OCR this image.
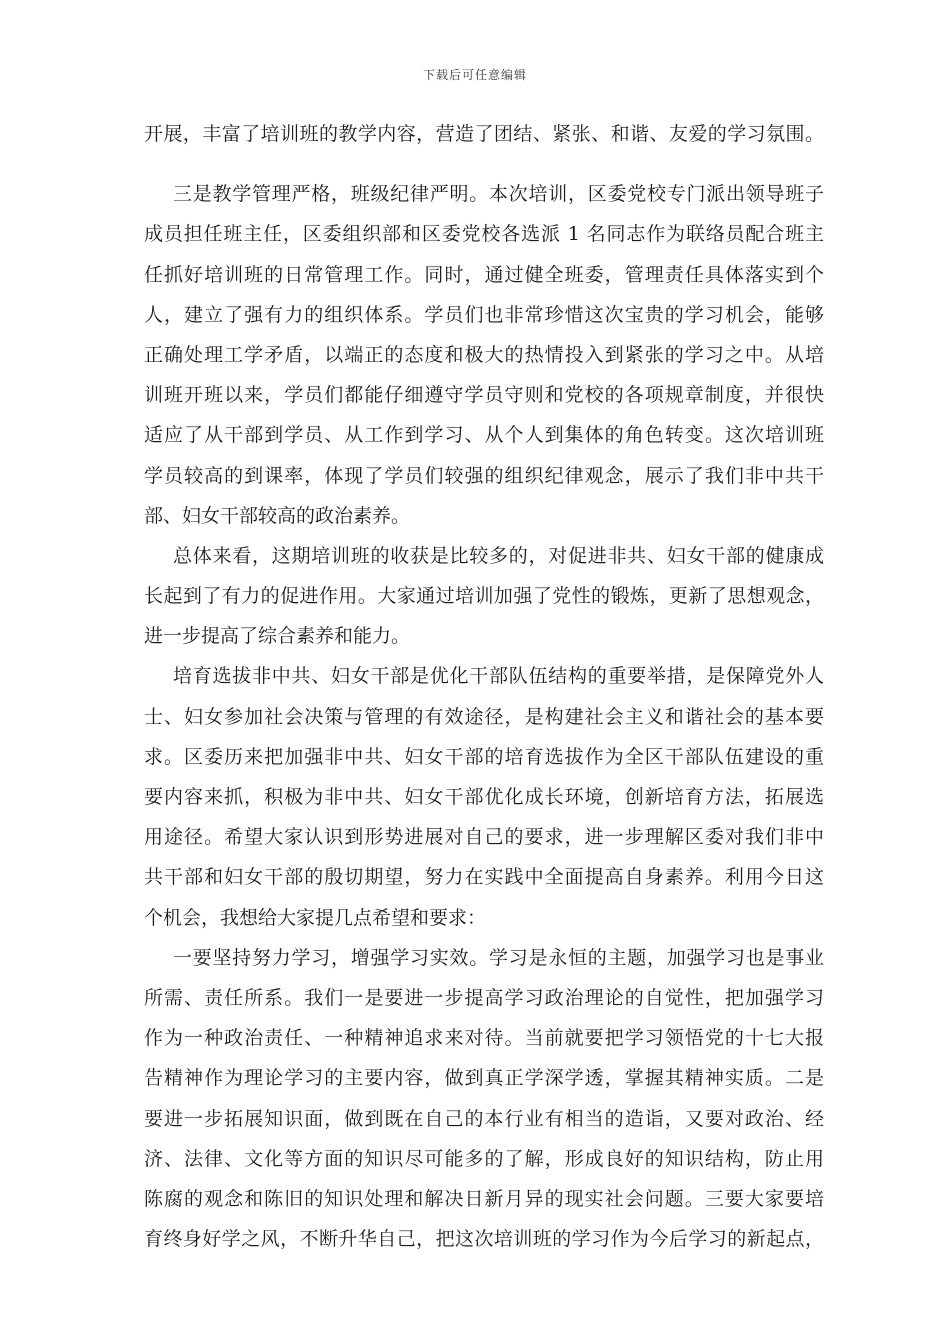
下载后可任意编辑
开展，丰富了培训班的教学内容，营造了团结、紧张、和谐、友爱的学习氛围。
三是教学管理严格，班级纪律严明。本次培训，区委党校专门派出领导班子
成员担任班主任，区委组织部和区委党校各选派 1 名同志作为联络员配合班主
任抓好培训班的日常管理工作。同时，通过健全班委，管理责任具体落实到个
人，建立了强有力的组织体系。学员们也非常珍惜这次宝贵的学习机会，能够
正确处理工学矛盾，以端正的态度和极大的热情投入到紧张的学习之中。从培
训班开班以来，学员们都能仔细遵守学员守则和党校的各项规章制度，并很快
适应了从干部到学员、从工作到学习、从个人到集体的角色转变。这次培训班
学员较高的到课率，体现了学员们较强的组织纪律观念，展示了我们非中共干
部、妇女干部较高的政治素养。
总体来看，这期培训班的收获是比较多的，对促进非共、妇女干部的健康成
长起到了有力的促进作用。大家通过培训加强了党性的锻炼，更新了思想观念，
进一步提高了综合素养和能力。
培育选拔非中共、妇女干部是优化干部队伍结构的重要举措，是保障党外人
士、妇女参加社会决策与管理的有效途径，是构建社会主义和谐社会的基本要
求。区委历来把加强非中共、妇女干部的培育选拔作为全区干部队伍建设的重
要内容来抓，积极为非中共、妇女干部优化成长环境，创新培育方法，拓展选
用途径。希望大家认识到形势进展对自己的要求，进一步理解区委对我们非中
共干部和妇女干部的殷切期望，努力在实践中全面提高自身素养。利用今日这
个机会，我想给大家提几点希望和要求：
一要坚持努力学习，增强学习实效。学习是永恒的主题，加强学习也是事业
所需、责任所系。我们一是要进一步提高学习政治理论的自觉性，把加强学习
作为一种政治责任、一种精神追求来对待。当前就要把学习领悟党的十七大报
告精神作为理论学习的主要内容，做到真正学深学透，掌握其精神实质。二是
要进一步拓展知识面，做到既在自己的本行业有相当的造诣，又要对政治、经
济、法律、文化等方面的知识尽可能多的了解，形成良好的知识结构，防止用
陈腐的观念和陈旧的知识处理和解决日新月异的现实社会问题。三要大家要培
育终身好学之风，不断升华自己，把这次培训班的学习作为今后学习的新起点，
